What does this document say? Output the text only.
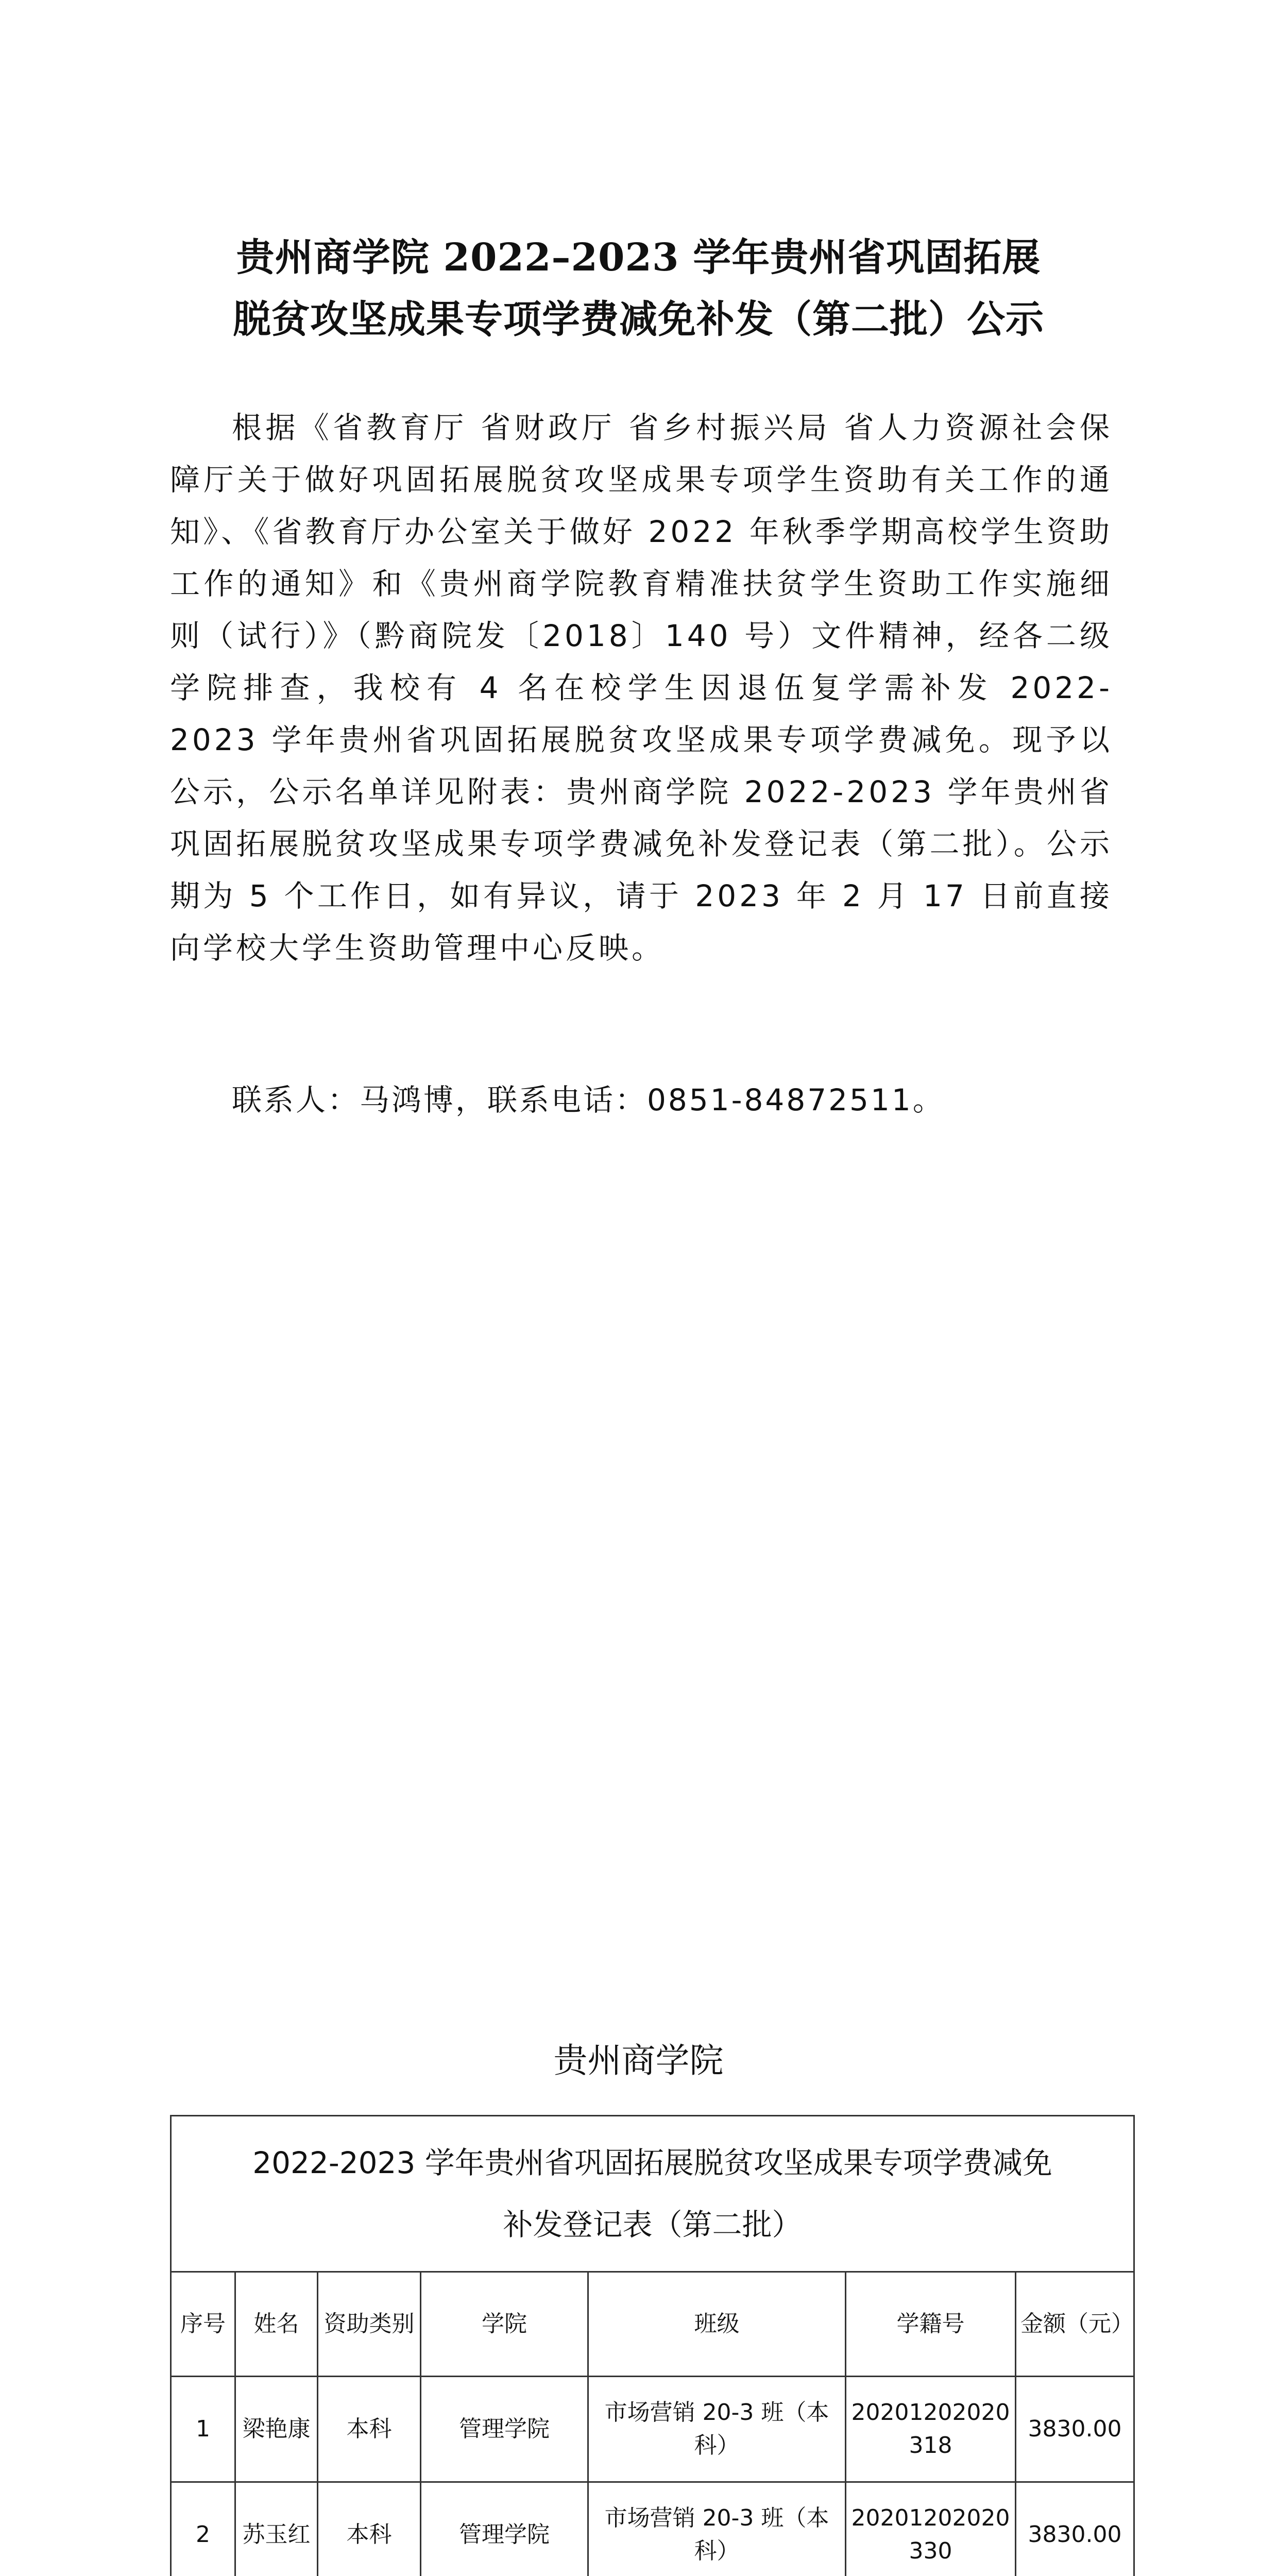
贵州商学院 2022–2023 学年贵州省巩固拓展
脱贫攻坚成果专项学费减免补发（第二批）公示

根据《省教育厅 省财政厅 省乡村振兴局 省人力资源社会保障厅关于做好巩固拓展脱贫攻坚成果专项学生资助有关工作的通知》、《省教育厅办公室关于做好 2022 年秋季学期高校学生资助工作的通知》和《贵州商学院教育精准扶贫学生资助工作实施细则（试行）》（黔商院发〔2018〕140 号）文件精神，经各二级学院排查，我校有 4 名在校学生因退伍复学需补发 2022-2023 学年贵州省巩固拓展脱贫攻坚成果专项学费减免。现予以公示，公示名单详见附表：贵州商学院 2022-2023 学年贵州省巩固拓展脱贫攻坚成果专项学费减免补发登记表（第二批）。公示期为 5 个工作日，如有异议，请于 2023 年 2 月 17 日前直接向学校大学生资助管理中心反映。

联系人：马鸿博，联系电话：0851-84872511。
贵州商学院
2022-2023 学年贵州省巩固拓展脱贫攻坚成果专项学费减免
补发登记表（第二批）						

序号	姓名	资助类别	学院	班级	学籍号	金额（元）
1	梁艳康	本科	管理学院	市场营销 20-3 班（本科）	20201202020318	3830.00
2	苏玉红	本科	管理学院	市场营销 20-3 班（本科）	20201202020330	3830.00
